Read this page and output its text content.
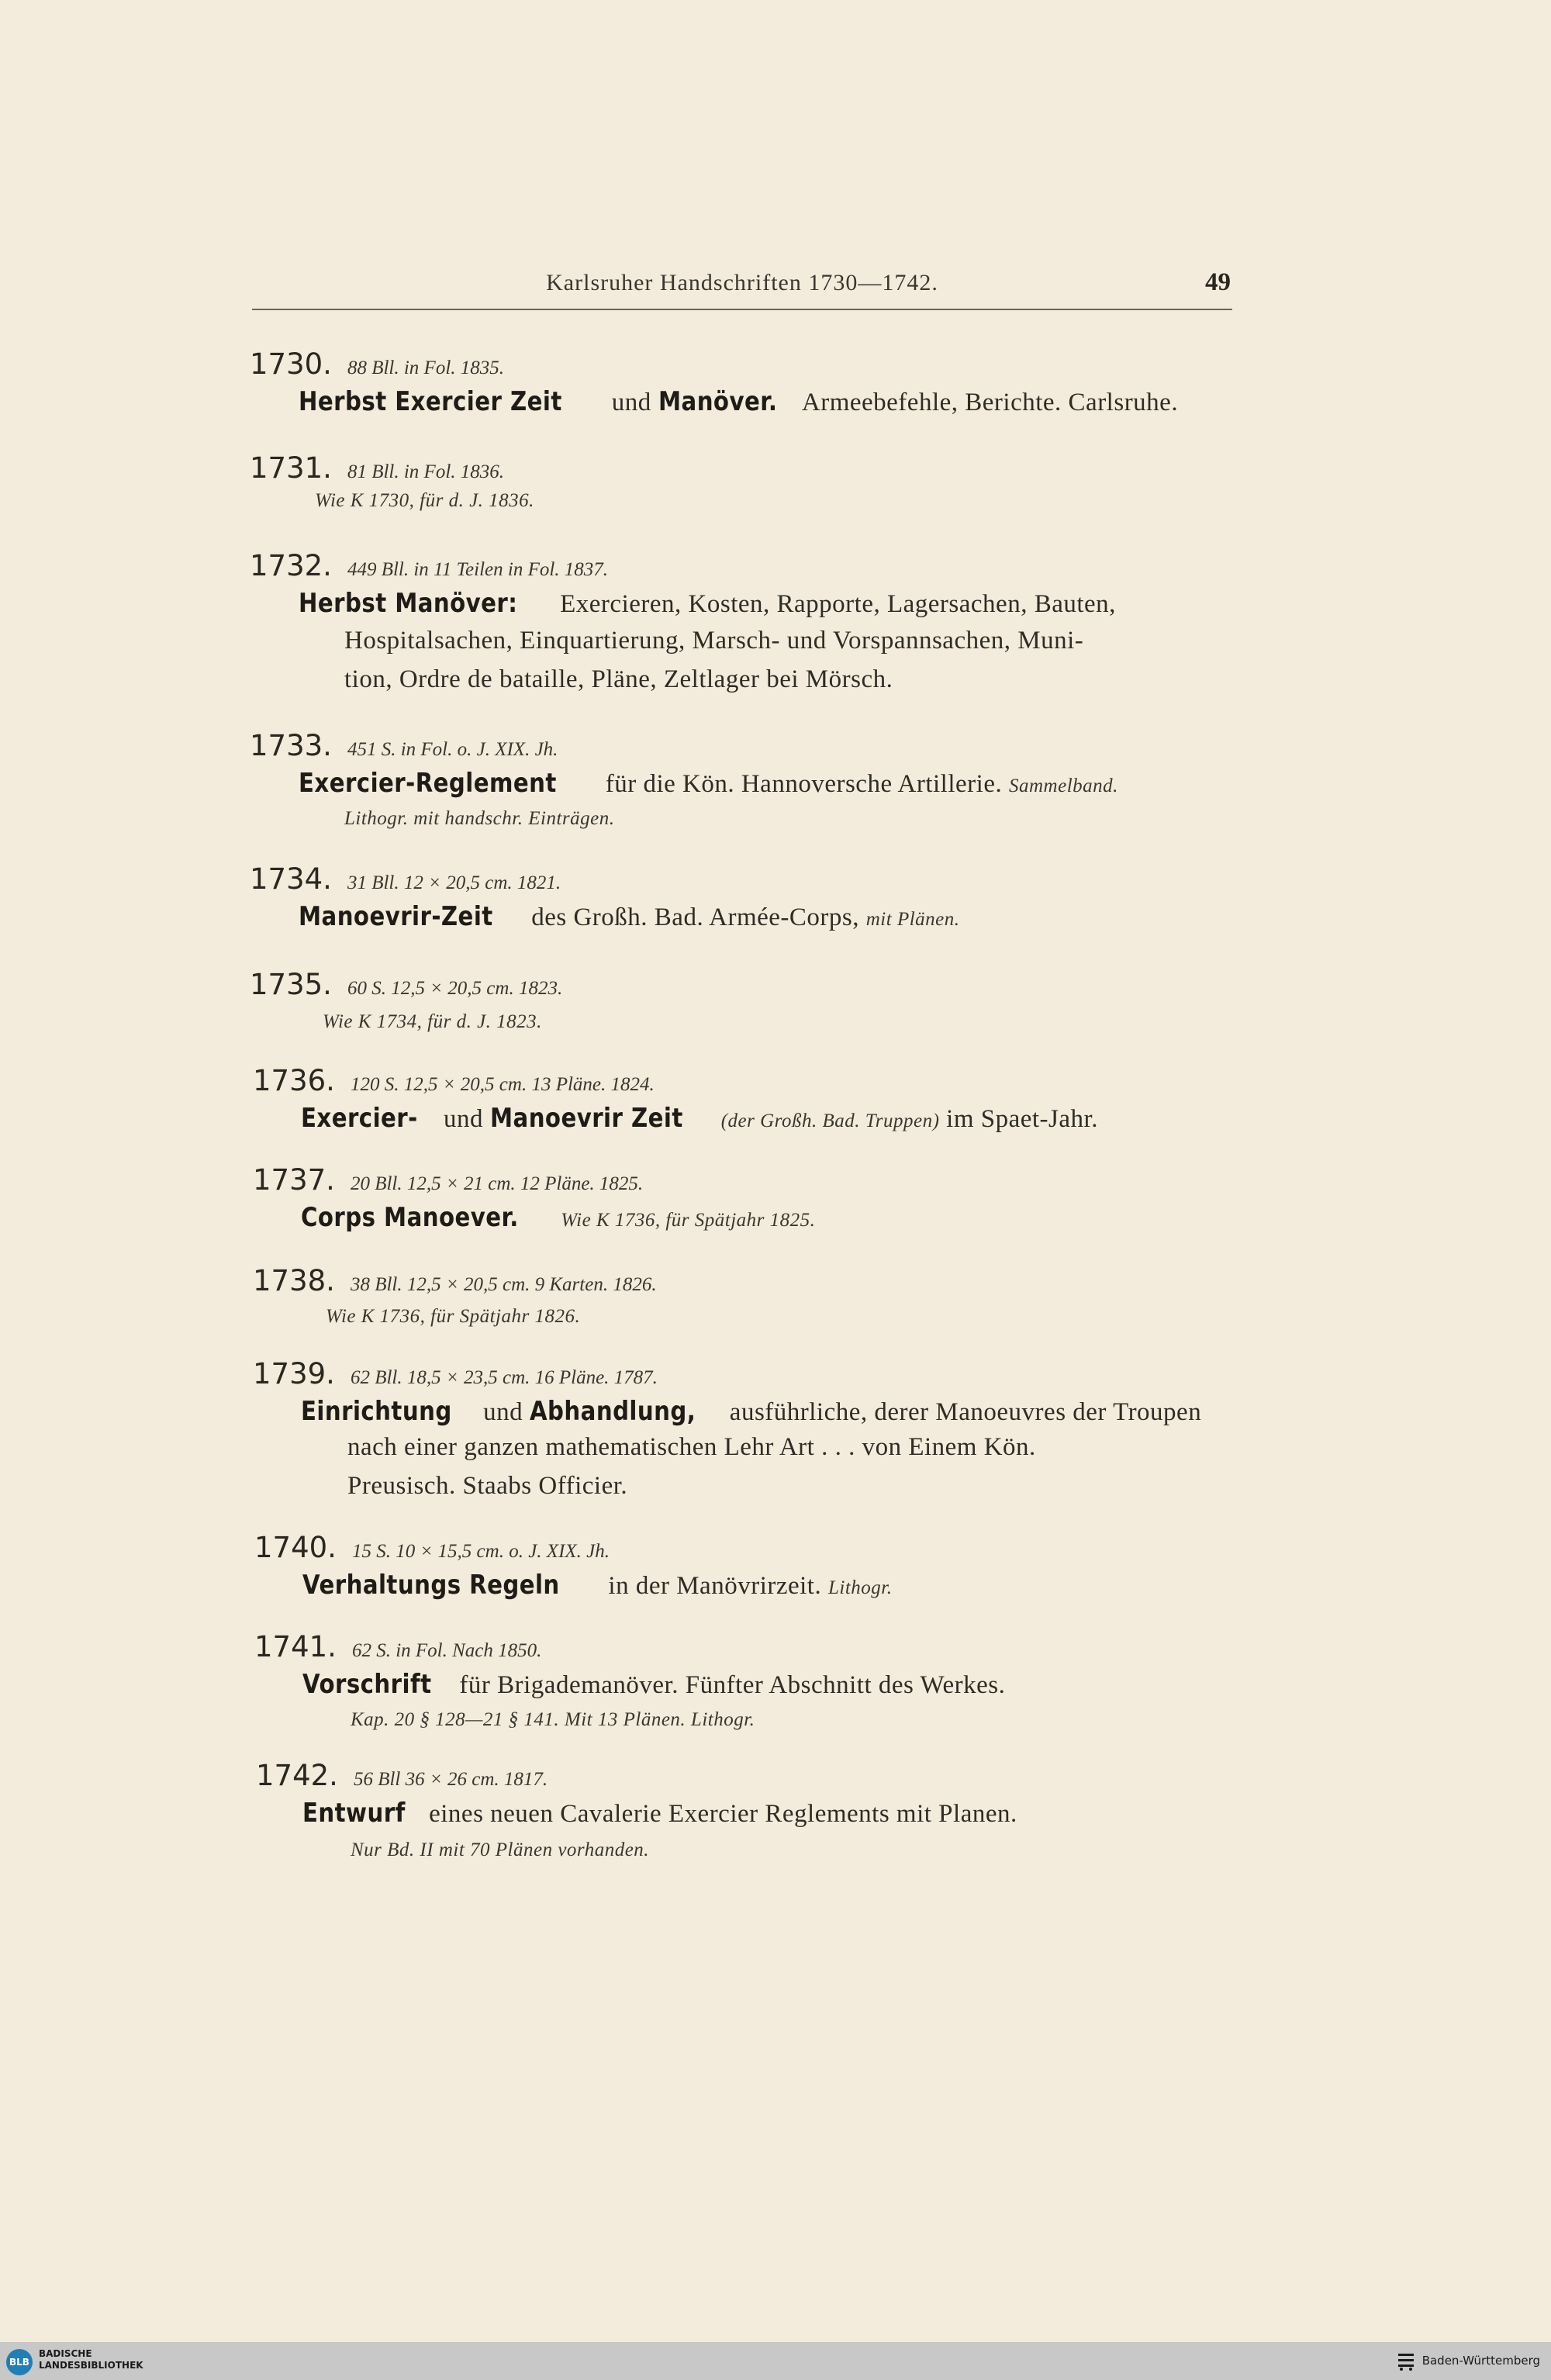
Karlsruher Handschriften 1730—1742.	49
1730. 88 Bll. in Fol. 1835.
Herbst Exercier Zeit und Manöver. Armeebefehle, Berichte. Carlsruhe.
1731. 81 Bll. in Fol. 1836.
Wie K 1730, für d. J. 1836.
1732. 449 Bll. in 11 Teilen in Fol. 1837.
Herbst Manöver: Exercieren, Kosten, Rapporte, Lagersachen, Bauten,
Hospitalsachen, Einquartierung, Marsch- und Vorspannsachen, Muni-
tion, Ordre de bataille, Pläne, Zeltlager bei Mörsch.
1733. 451 S. in Fol. o. J. XIX. Jh.
Exercier-Reglement für die Kön. Hannoversche Artillerie. Sammelband.
Lithogr. mit handschr. Einträgen.
1734. 31 Bll. 12 × 20,5 cm. 1821.
Manoevrir-Zeit des Großh. Bad. Armée-Corps, mit Plänen.
1735. 60 S. 12,5 × 20,5 cm. 1823.
Wie K 1734, für d. J. 1823.
1736. 120 S. 12,5 × 20,5 cm. 13 Pläne. 1824.
Exercier- und Manoevrir Zeit (der Großh. Bad. Truppen) im Spaet-Jahr.
1737. 20 Bll. 12,5 × 21 cm. 12 Pläne. 1825.
Corps Manoever. Wie K 1736, für Spätjahr 1825.
1738. 38 Bll. 12,5 × 20,5 cm. 9 Karten. 1826.
Wie K 1736, für Spätjahr 1826.
1739. 62 Bll. 18,5 × 23,5 cm. 16 Pläne. 1787.
Einrichtung und Abhandlung, ausführliche, derer Manoeuvres der Troupen
nach einer ganzen mathematischen Lehr Art . . . von Einem Kön.
Preusisch. Staabs Officier.
1740. 15 S. 10 × 15,5 cm. o. J. XIX. Jh.
Verhaltungs Regeln in der Manövrirzeit. Lithogr.
1741. 62 S. in Fol. Nach 1850.
Vorschrift für Brigademanöver. Fünfter Abschnitt des Werkes.
Kap. 20 § 128—21 § 141. Mit 13 Plänen. Lithogr.
1742. 56 Bll 36 × 26 cm. 1817.
Entwurf eines neuen Cavalerie Exercier Reglements mit Planen.
Nur Bd. II mit 70 Plänen vorhanden.
BLB
BADISCHE
LANDESBIBLIOTHEK	Baden-Württemberg
